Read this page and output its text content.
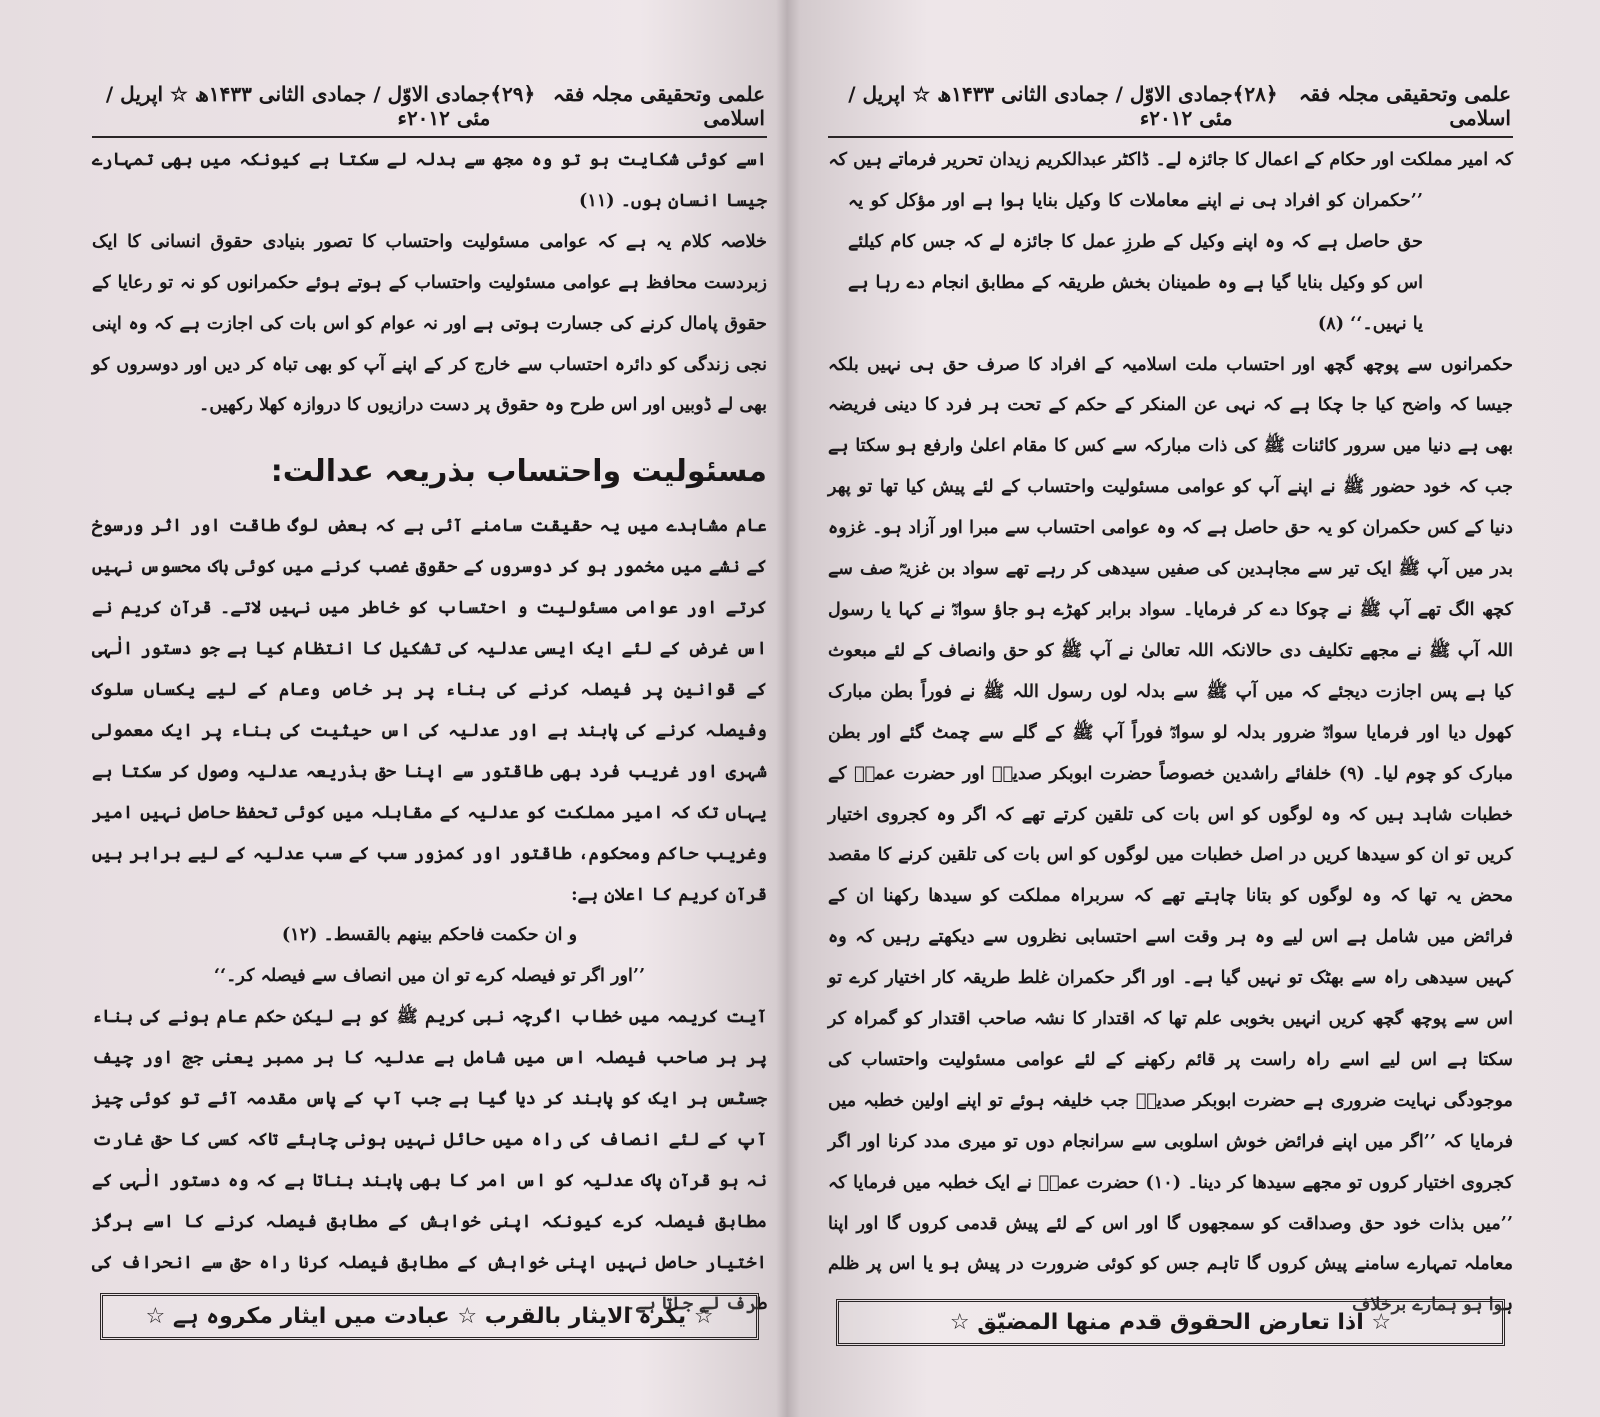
علمی وتحقیقی مجلہ فقہ اسلامی
﴿۲۹﴾
جمادی الاوّل / جمادی الثانی ۱۴۳۳ھ ☆ اپریل / مئی ۲۰۱۲ء

اسے کوئی شکایت ہو تو وہ مجھ سے بدلہ لے سکتا ہے کیونکہ میں بھی تمہارے جیسا انسان ہوں۔ (۱۱)

خلاصہ کلام یہ ہے کہ عوامی مسئولیت واحتساب کا تصور بنیادی حقوق انسانی کا ایک زبردست محافظ ہے عوامی مسئولیت واحتساب کے ہوتے ہوئے حکمرانوں کو نہ تو رعایا کے حقوق پامال کرنے کی جسارت ہوتی ہے اور نہ عوام کو اس بات کی اجازت ہے کہ وہ اپنی نجی زندگی کو دائرہ احتساب سے خارج کر کے اپنے آپ کو بھی تباہ کر دیں اور دوسروں کو بھی لے ڈوبیں اور اس طرح وہ حقوق پر دست درازیوں کا دروازہ کھلا رکھیں۔

مسئولیت واحتساب بذریعہ عدالت:

عام مشاہدے میں یہ حقیقت سامنے آئی ہے کہ بعض لوگ طاقت اور اثر ورسوخ کے نشے میں مخمور ہو کر دوسروں کے حقوق غصب کرنے میں کوئی باک محسوس نہیں کرتے اور عوامی مسئولیت و احتساب کو خاطر میں نہیں لاتے۔ قرآن کریم نے اس غرض کے لئے ایک ایسی عدلیہ کی تشکیل کا انتظام کیا ہے جو دستور الٰہی کے قوانین پر فیصلہ کرنے کی بناء پر ہر خاص وعام کے لیے یکساں سلوک وفیصلہ کرنے کی پابند ہے اور عدلیہ کی اس حیثیت کی بناء پر ایک معمولی شہری اور غریب فرد بھی طاقتور سے اپنا حق بذریعہ عدلیہ وصول کر سکتا ہے یہاں تک کہ امیر مملکت کو عدلیہ کے مقابلہ میں کوئی تحفظ حاصل نہیں امیر وغریب حاکم ومحکوم، طاقتور اور کمزور سب کے سب عدلیہ کے لیے برابر ہیں قرآن کریم کا اعلان ہے:

و ان حکمت فاحکم بینھم بالقسط۔ (۱۲)

’’اور اگر تو فیصلہ کرے تو ان میں انصاف سے فیصلہ کر۔‘‘

آیت کریمہ میں خطاب اگرچہ نبی کریم ﷺ کو ہے لیکن حکم عام ہونے کی بناء پر ہر صاحب فیصلہ اس میں شامل ہے عدلیہ کا ہر ممبر یعنی جج اور چیف جسٹس ہر ایک کو پابند کر دیا گیا ہے جب آپ کے پاس مقدمہ آئے تو کوئی چیز آپ کے لئے انصاف کی راہ میں حائل نہیں ہونی چاہئے تاکہ کسی کا حق غارت نہ ہو قرآن پاک عدلیہ کو اس امر کا بھی پابند بناتا ہے کہ وہ دستور الٰہی کے مطابق فیصلہ کرے کیونکہ اپنی خواہش کے مطابق فیصلہ کرنے کا اسے ہرگز اختیار حاصل نہیں اپنی خواہش کے مطابق فیصلہ کرنا راہ حق سے انحراف کی طرف لے جاتا ہے۔

☆ یکرہ الایثار بالقرب ☆ عبادت میں ایثار مکروہ ہے ☆
علمی وتحقیقی مجلہ فقہ اسلامی
﴿۲۸﴾
جمادی الاوّل / جمادی الثانی ۱۴۳۳ھ ☆ اپریل / مئی ۲۰۱۲ء

کہ امیر مملکت اور حکام کے اعمال کا جائزہ لے۔ ڈاکٹر عبدالکریم زیدان تحریر فرماتے ہیں کہ

’’حکمران کو افراد ہی نے اپنے معاملات کا وکیل بنایا ہوا ہے اور مؤکل کو یہ حق حاصل ہے کہ وہ اپنے وکیل کے طرزِ عمل کا جائزہ لے کہ جس کام کیلئے اس کو وکیل بنایا گیا ہے وہ طمینان بخش طریقہ کے مطابق انجام دے رہا ہے یا نہیں۔‘‘ (۸)

حکمرانوں سے پوچھ گچھ اور احتساب ملت اسلامیہ کے افراد کا صرف حق ہی نہیں بلکہ جیسا کہ واضح کیا جا چکا ہے کہ نہی عن المنکر کے حکم کے تحت ہر فرد کا دینی فریضہ بھی ہے دنیا میں سرور کائنات ﷺ کی ذات مبارکہ سے کس کا مقام اعلیٰ وارفع ہو سکتا ہے جب کہ خود حضور ﷺ نے اپنے آپ کو عوامی مسئولیت واحتساب کے لئے پیش کیا تھا تو پھر دنیا کے کس حکمران کو یہ حق حاصل ہے کہ وہ عوامی احتساب سے مبرا اور آزاد ہو۔ غزوہ بدر میں آپ ﷺ ایک تیر سے مجاہدین کی صفیں سیدھی کر رہے تھے سواد بن غزیہؓ صف سے کچھ الگ تھے آپ ﷺ نے چوکا دے کر فرمایا۔ سواد برابر کھڑے ہو جاؤ سوادؓ نے کہا یا رسول اللہ آپ ﷺ نے مجھے تکلیف دی حالانکہ اللہ تعالیٰ نے آپ ﷺ کو حق وانصاف کے لئے مبعوث کیا ہے پس اجازت دیجئے کہ میں آپ ﷺ سے بدلہ لوں رسول اللہ ﷺ نے فوراً بطن مبارک کھول دیا اور فرمایا سوادؓ ضرور بدلہ لو سوادؓ فوراً آپ ﷺ کے گلے سے چمٹ گئے اور بطن مبارک کو چوم لیا۔ (۹) خلفائے راشدین خصوصاً حضرت ابوبکر صدیقؓ اور حضرت عمرؓ کے خطبات شاہد ہیں کہ وہ لوگوں کو اس بات کی تلقین کرتے تھے کہ اگر وہ کجروی اختیار کریں تو ان کو سیدھا کریں در اصل خطبات میں لوگوں کو اس بات کی تلقین کرنے کا مقصد محض یہ تھا کہ وہ لوگوں کو بتانا چاہتے تھے کہ سربراہ مملکت کو سیدھا رکھنا ان کے فرائض میں شامل ہے اس لیے وہ ہر وقت اسے احتسابی نظروں سے دیکھتے رہیں کہ وہ کہیں سیدھی راہ سے بھٹک تو نہیں گیا ہے۔ اور اگر حکمران غلط طریقہ کار اختیار کرے تو اس سے پوچھ گچھ کریں انہیں بخوبی علم تھا کہ اقتدار کا نشہ صاحب اقتدار کو گمراہ کر سکتا ہے اس لیے اسے راہ راست پر قائم رکھنے کے لئے عوامی مسئولیت واحتساب کی موجودگی نہایت ضروری ہے حضرت ابوبکر صدیقؓ جب خلیفہ ہوئے تو اپنے اولین خطبہ میں فرمایا کہ ’’اگر میں اپنے فرائض خوش اسلوبی سے سرانجام دوں تو میری مدد کرنا اور اگر کجروی اختیار کروں تو مجھے سیدھا کر دینا۔ (۱۰) حضرت عمرؓ نے ایک خطبہ میں فرمایا کہ ’’میں بذات خود حق وصداقت کو سمجھوں گا اور اس کے لئے پیش قدمی کروں گا اور اپنا معاملہ تمہارے سامنے پیش کروں گا تاہم جس کو کوئی ضرورت در پیش ہو یا اس پر ظلم ہوا ہو ہمارے برخلاف

☆ اذا تعارض الحقوق قدم منھا المضیّق ☆
